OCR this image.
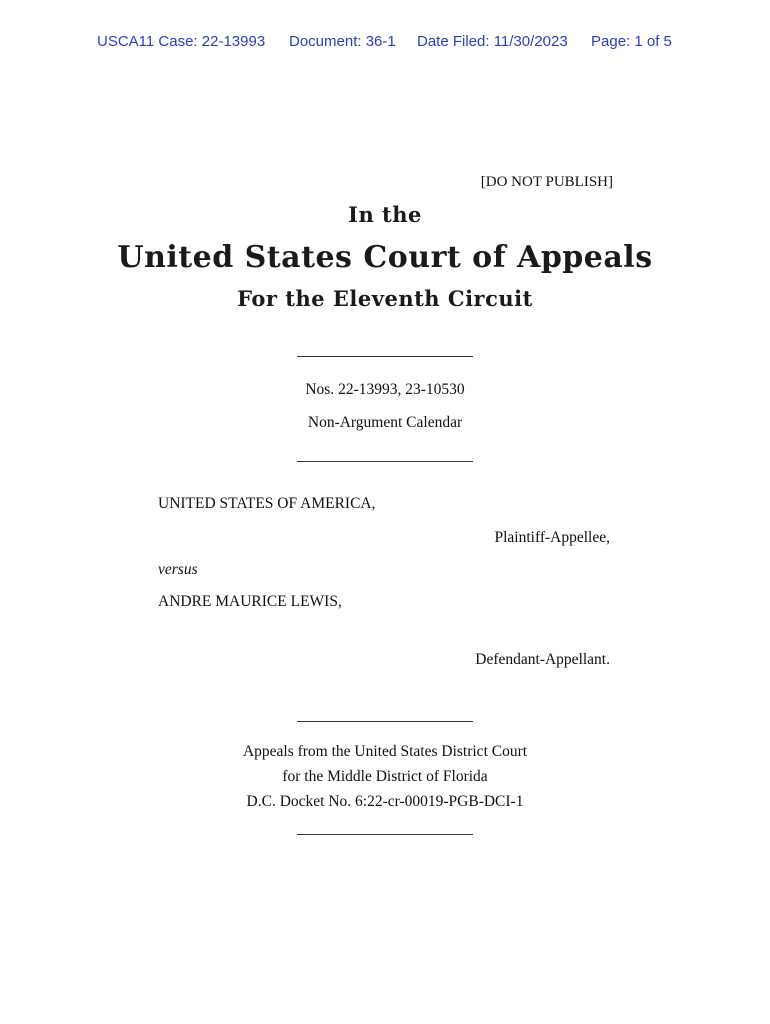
USCA11 Case: 22-13993 Document: 36-1 Date Filed: 11/30/2023 Page: 1 of 5
[DO NOT PUBLISH]
In the
United States Court of Appeals
For the Eleventh Circuit
Nos. 22-13993, 23-10530
Non-Argument Calendar
UNITED STATES OF AMERICA,
Plaintiff-Appellee,
versus
ANDRE MAURICE LEWIS,
Defendant-Appellant.
Appeals from the United States District Court
for the Middle District of Florida
D.C. Docket No. 6:22-cr-00019-PGB-DCI-1
